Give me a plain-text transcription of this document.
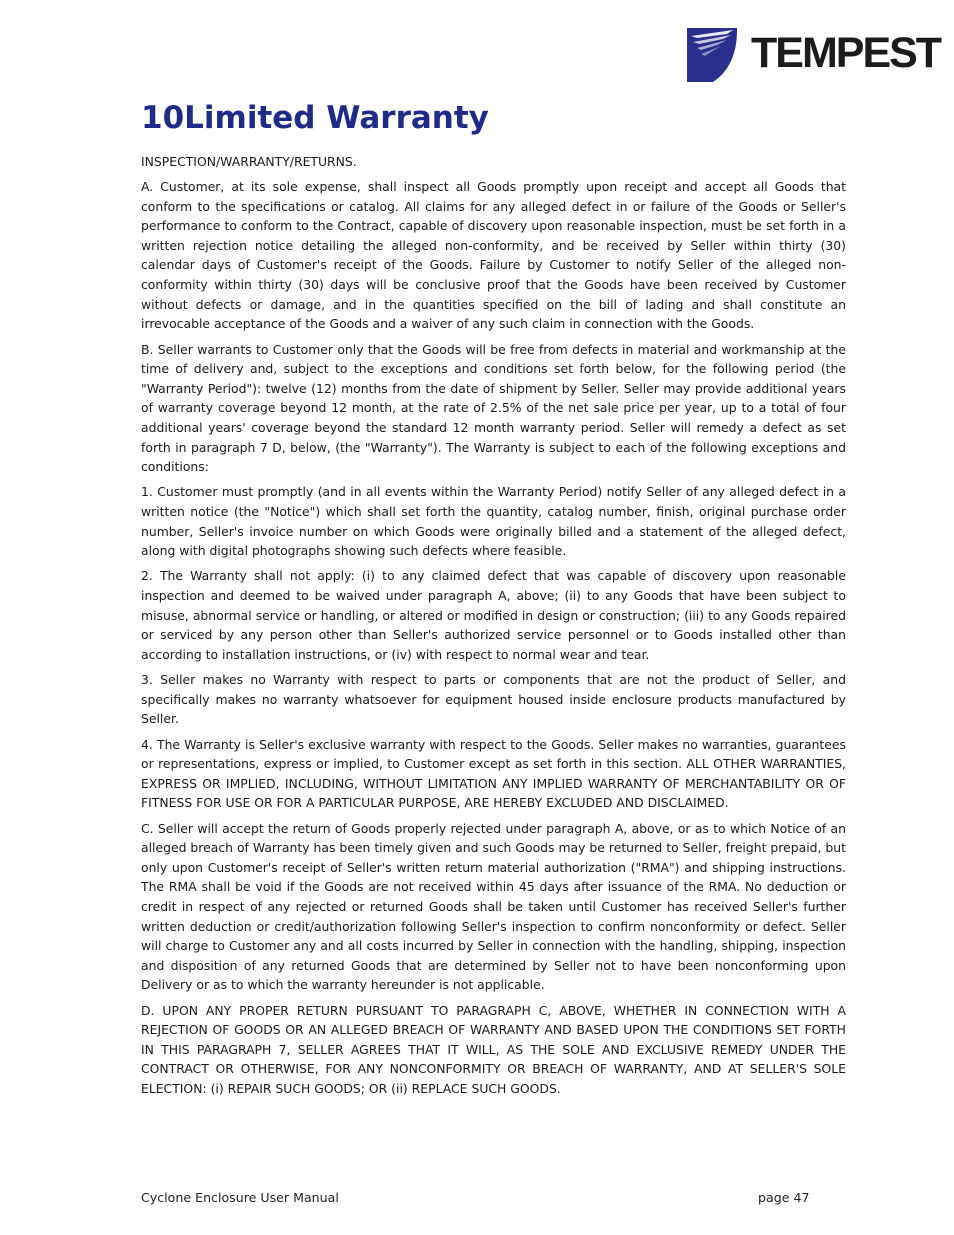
TEMPEST
10Limited Warranty

INSPECTION/WARRANTY/RETURNS.

A. Customer, at its sole expense, shall inspect all Goods promptly upon receipt and accept all Goods that conform to the specifications or catalog. All claims for any alleged defect in or failure of the Goods or Seller's performance to conform to the Contract, capable of discovery upon reasonable inspection, must be set forth in a written rejection notice detailing the alleged non-conformity, and be received by Seller within thirty (30) calendar days of Customer's receipt of the Goods. Failure by Customer to notify Seller of the alleged non-conformity within thirty (30) days will be conclusive proof that the Goods have been received by Customer without defects or damage, and in the quantities specified on the bill of lading and shall constitute an irrevocable acceptance of the Goods and a waiver of any such claim in connection with the Goods.

B. Seller warrants to Customer only that the Goods will be free from defects in material and workmanship at the time of delivery and, subject to the exceptions and conditions set forth below, for the following period (the "Warranty Period"): twelve (12) months from the date of shipment by Seller. Seller may provide additional years of warranty coverage beyond 12 month, at the rate of 2.5% of the net sale price per year, up to a total of four additional years' coverage beyond the standard 12 month warranty period. Seller will remedy a defect as set forth in paragraph 7 D, below, (the "Warranty"). The Warranty is subject to each of the following exceptions and conditions:

1. Customer must promptly (and in all events within the Warranty Period) notify Seller of any alleged defect in a written notice (the "Notice") which shall set forth the quantity, catalog number, finish, original purchase order number, Seller's invoice number on which Goods were originally billed and a statement of the alleged defect, along with digital photographs showing such defects where feasible.

2. The Warranty shall not apply: (i) to any claimed defect that was capable of discovery upon reasonable inspection and deemed to be waived under paragraph A, above; (ii) to any Goods that have been subject to misuse, abnormal service or handling, or altered or modified in design or construction; (iii) to any Goods repaired or serviced by any person other than Seller's authorized service personnel or to Goods installed other than according to installation instructions, or (iv) with respect to normal wear and tear.

3. Seller makes no Warranty with respect to parts or components that are not the product of Seller, and specifically makes no warranty whatsoever for equipment housed inside enclosure products manufactured by Seller.

4. The Warranty is Seller's exclusive warranty with respect to the Goods. Seller makes no warranties, guarantees or representations, express or implied, to Customer except as set forth in this section. ALL OTHER WARRANTIES, EXPRESS OR IMPLIED, INCLUDING, WITHOUT LIMITATION ANY IMPLIED WARRANTY OF MERCHANTABILITY OR OF FITNESS FOR USE OR FOR A PARTICULAR PURPOSE, ARE HEREBY EXCLUDED AND DISCLAIMED.

C. Seller will accept the return of Goods properly rejected under paragraph A, above, or as to which Notice of an alleged breach of Warranty has been timely given and such Goods may be returned to Seller, freight prepaid, but only upon Customer's receipt of Seller's written return material authorization ("RMA") and shipping instructions. The RMA shall be void if the Goods are not received within 45 days after issuance of the RMA. No deduction or credit in respect of any rejected or returned Goods shall be taken until Customer has received Seller's further written deduction or credit/authorization following Seller's inspection to confirm nonconformity or defect. Seller will charge to Customer any and all costs incurred by Seller in connection with the handling, shipping, inspection and disposition of any returned Goods that are determined by Seller not to have been nonconforming upon Delivery or as to which the warranty hereunder is not applicable.

D. UPON ANY PROPER RETURN PURSUANT TO PARAGRAPH C, ABOVE, WHETHER IN CONNECTION WITH A REJECTION OF GOODS OR AN ALLEGED BREACH OF WARRANTY AND BASED UPON THE CONDITIONS SET FORTH IN THIS PARAGRAPH 7, SELLER AGREES THAT IT WILL, AS THE SOLE AND EXCLUSIVE REMEDY UNDER THE CONTRACT OR OTHERWISE, FOR ANY NONCONFORMITY OR BREACH OF WARRANTY, AND AT SELLER'S SOLE ELECTION: (i) REPAIR SUCH GOODS; OR (ii) REPLACE SUCH GOODS.

Cyclone Enclosure User Manual	page 47
